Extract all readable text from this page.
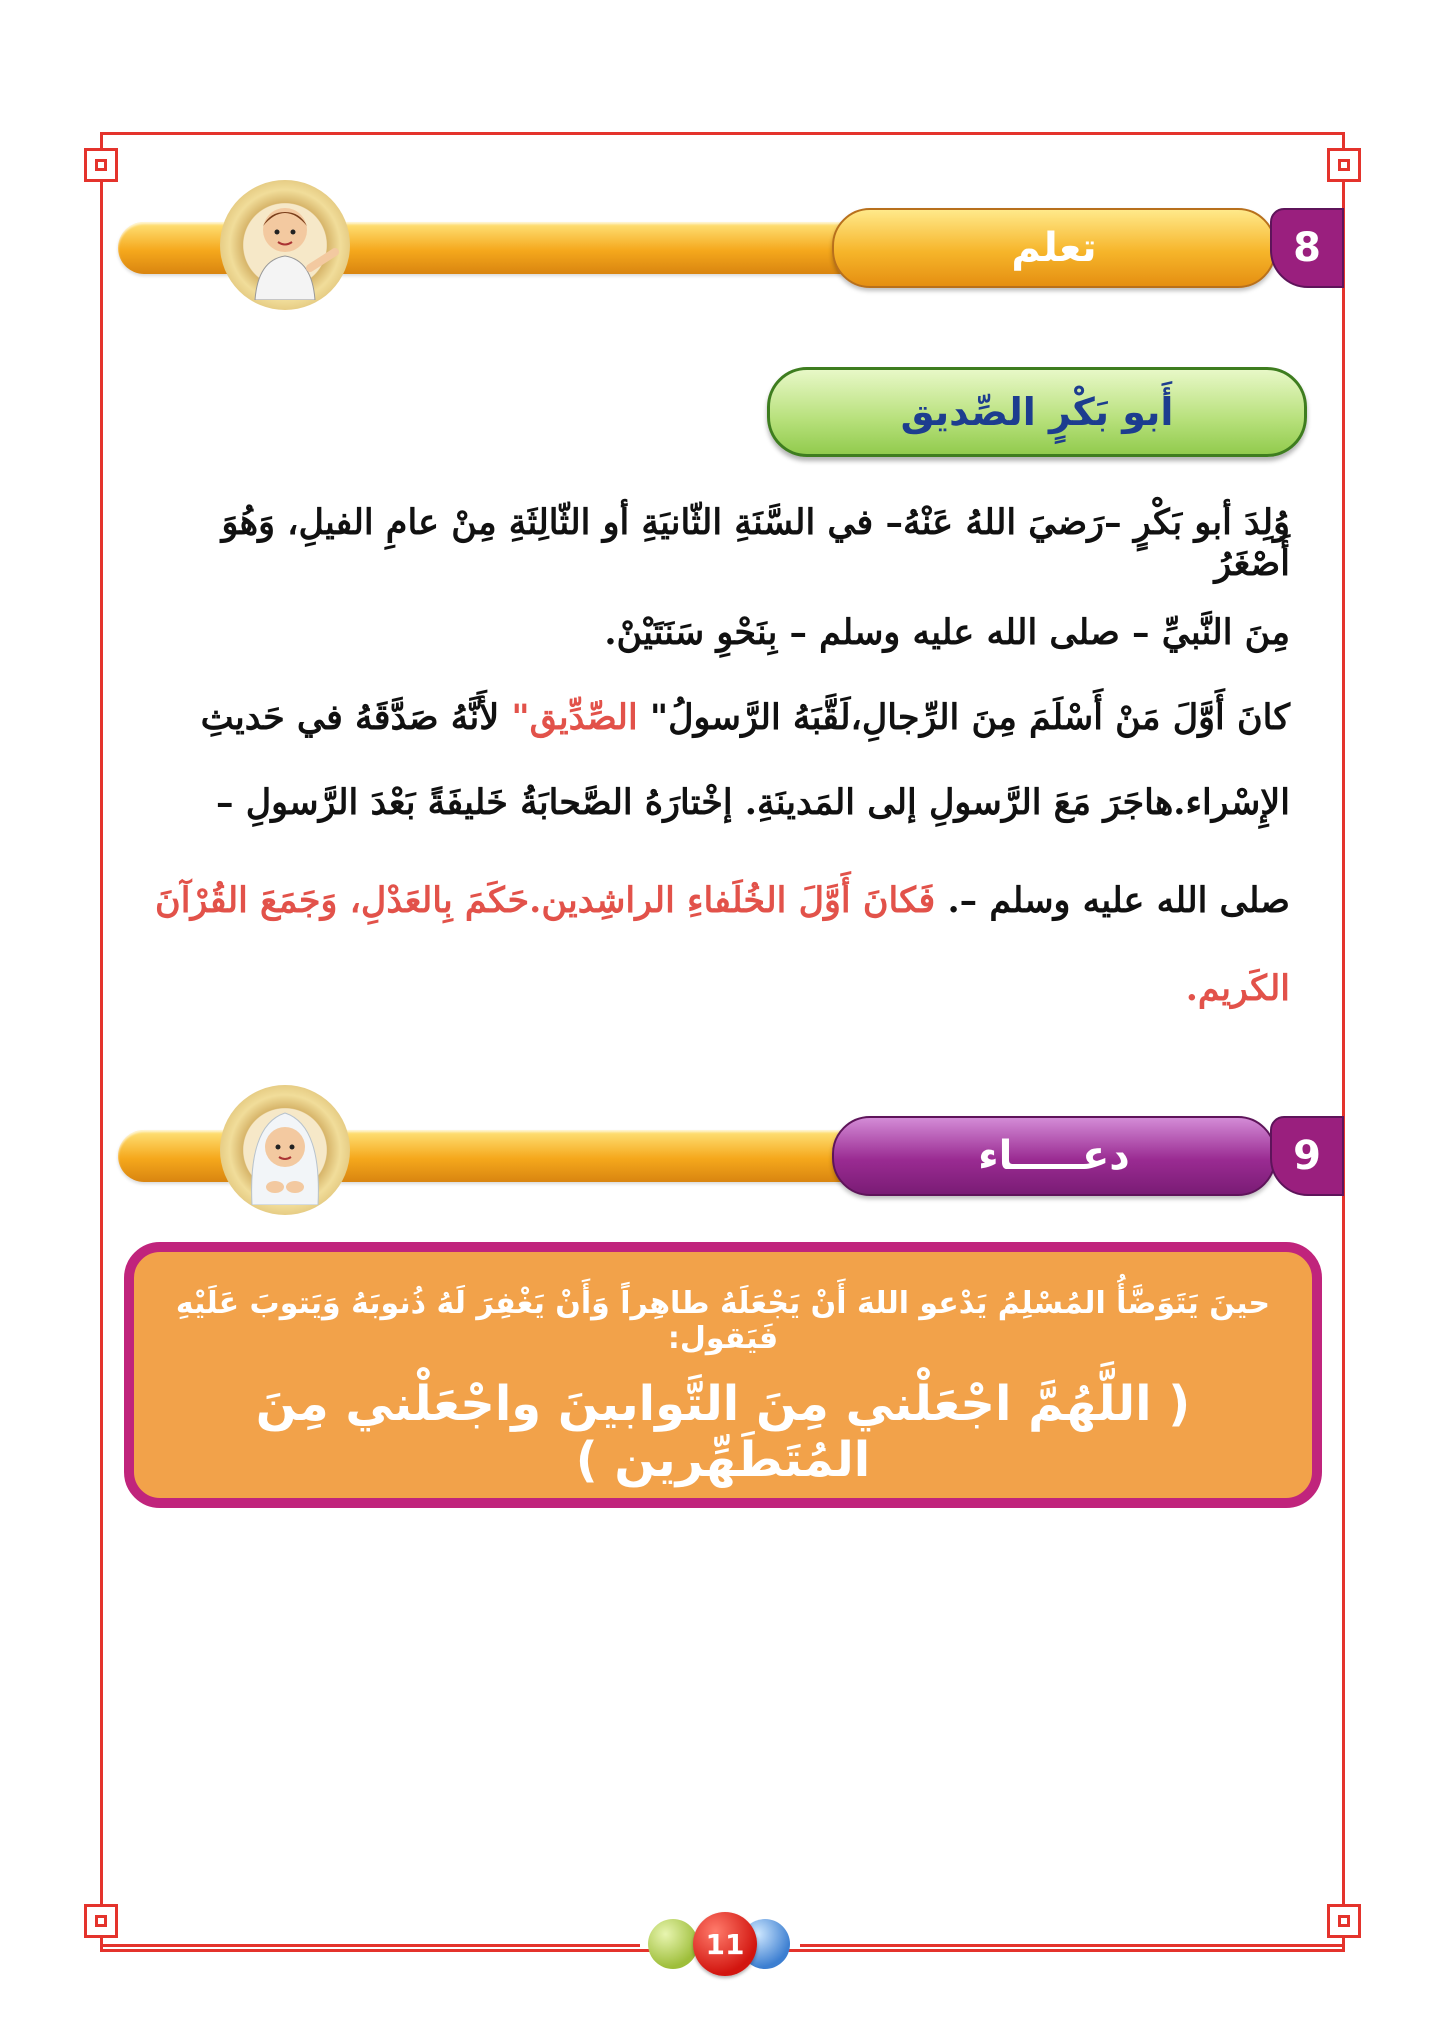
تعلم	8
أَبو بَكْرٍ الصِّديق
وُلِدَ أبو بَكْرٍ –رَضيَ اللهُ عَنْهُ– في السَّنَةِ الثّانيَةِ أو الثّالِثَةِ مِنْ عامِ الفيلِ، وَهُوَ أَصْغَرُ
مِنَ النَّبيِّ – صلى الله عليه وسلم – بِنَحْوِ سَنَتَيْنْ.
كانَ أَوَّلَ مَنْ أَسْلَمَ مِنَ الرِّجالِ،لَقَّبَهُ الرَّسولُ" الصِّدِّيق" لأَنَّهُ صَدَّقَهُ في حَديثِ
الإِسْراء.هاجَرَ مَعَ الرَّسولِ إلى المَدينَةِ. إخْتارَهُ الصَّحابَةُ خَليفَةً بَعْدَ الرَّسولِ –
صلى الله عليه وسلم –. فَكانَ أَوَّلَ الخُلَفاءِ الراشِدين.حَكَمَ بِالعَدْلِ، وَجَمَعَ القُرْآنَ
الكَريم.
دعـــــاء	9
حينَ يَتَوَضَّأُ المُسْلِمُ يَدْعو اللهَ أَنْ يَجْعَلَهُ طاهِراً وَأَنْ يَغْفِرَ لَهُ ذُنوبَهُ وَيَتوبَ عَلَيْهِ فَيَقول:
( اللَّهُمَّ اجْعَلْني مِنَ التَّوابينَ واجْعَلْني مِنَ المُتَطَهِّرين )
11
